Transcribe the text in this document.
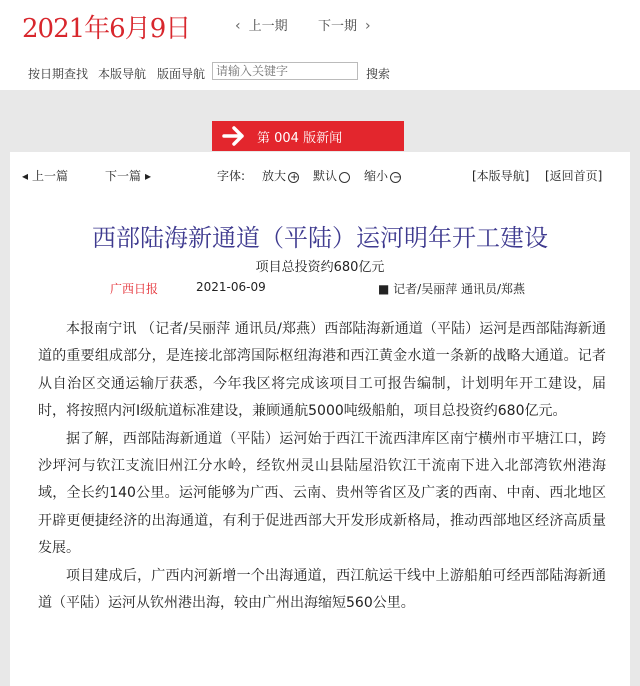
2021年6月9日	‹ 上一期 下一期 ›
按日期查找 本版导航 版面导航
请输入关键字	搜索
第 004 版新闻
◂ 上一篇	下一篇 ▸	字体: 放大 + 默认	缩小 −	[本版导航] [返回首页]
西部陆海新通道（平陆）运河明年开工建设
项目总投资约680亿元
广西日报	2021-06-09	■ 记者/吴丽萍 通讯员/郑燕

本报南宁讯 （记者/吴丽萍 通讯员/郑燕）西部陆海新通道（平陆）运河是西部陆海新通道的重要组成部分，是连接北部湾国际枢纽海港和西江黄金水道一条新的战略大通道。记者从自治区交通运输厅获悉，今年我区将完成该项目工可报告编制，计划明年开工建设，届时，将按照内河I级航道标准建设，兼顾通航5000吨级船舶，项目总投资约680亿元。

据了解，西部陆海新通道（平陆）运河始于西江干流西津库区南宁横州市平塘江口，跨沙坪河与钦江支流旧州江分水岭，经钦州灵山县陆屋沿钦江干流南下进入北部湾钦州港海域，全长约140公里。运河能够为广西、云南、贵州等省区及广袤的西南、中南、西北地区开辟更便捷经济的出海通道，有利于促进西部大开发形成新格局，推动西部地区经济高质量发展。

项目建成后，广西内河新增一个出海通道，西江航运干线中上游船舶可经西部陆海新通道（平陆）运河从钦州港出海，较由广州出海缩短560公里。
